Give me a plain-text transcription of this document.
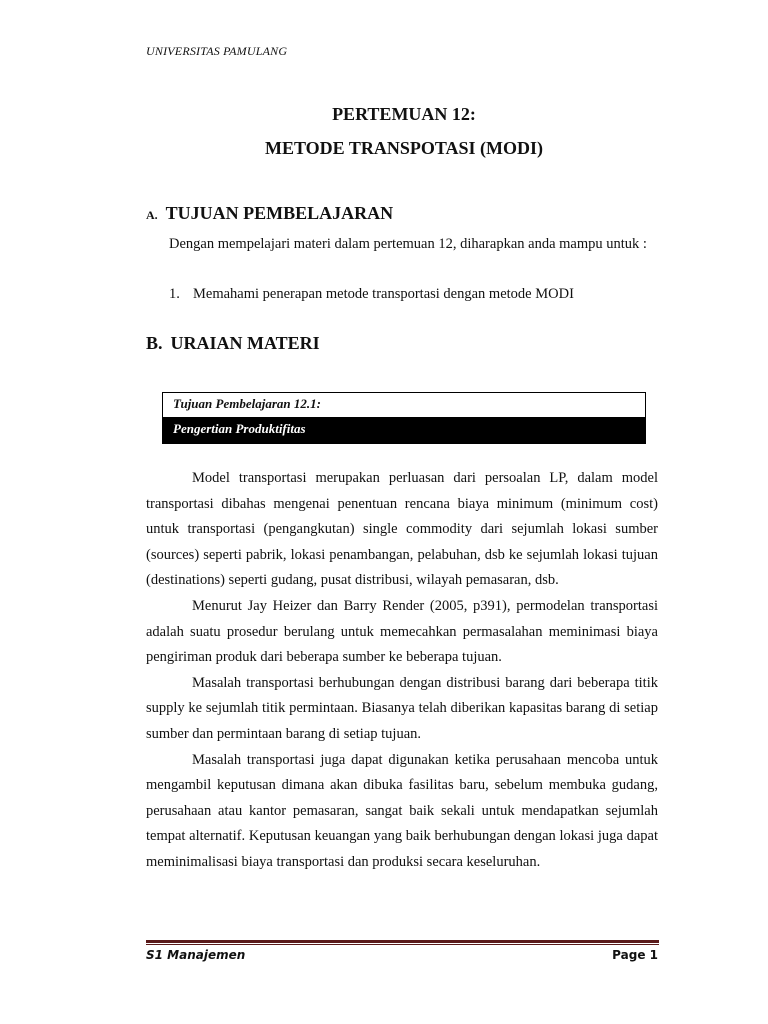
UNIVERSITAS PAMULANG
PERTEMUAN 12:
METODE TRANSPOTASI (MODI)
A. TUJUAN PEMBELAJARAN
Dengan mempelajari materi dalam pertemuan 12, diharapkan anda mampu untuk :
1. Memahami penerapan metode transportasi dengan metode MODI
B. URAIAN MATERI
Tujuan Pembelajaran 12.1:
Pengertian Produktifitas

Model transportasi merupakan perluasan dari persoalan LP, dalam model transportasi dibahas mengenai penentuan rencana biaya minimum (minimum cost) untuk transportasi (pengangkutan) single commodity dari sejumlah lokasi sumber (sources) seperti pabrik, lokasi penambangan, pelabuhan, dsb ke sejumlah lokasi tujuan (destinations) seperti gudang, pusat distribusi, wilayah pemasaran, dsb.

Menurut Jay Heizer dan Barry Render (2005, p391), permodelan transportasi adalah suatu prosedur berulang untuk memecahkan permasalahan meminimasi biaya pengiriman produk dari beberapa sumber ke beberapa tujuan.

Masalah transportasi berhubungan dengan distribusi barang dari beberapa titik supply ke sejumlah titik permintaan. Biasanya telah diberikan kapasitas barang di setiap sumber dan permintaan barang di setiap tujuan.

Masalah transportasi juga dapat digunakan ketika perusahaan mencoba untuk mengambil keputusan dimana akan dibuka fasilitas baru, sebelum membuka gudang, perusahaan atau kantor pemasaran, sangat baik sekali untuk mendapatkan sejumlah tempat alternatif. Keputusan keuangan yang baik berhubungan dengan lokasi juga dapat meminimalisasi biaya transportasi dan produksi secara keseluruhan.

S1 Manajemen	Page 1
